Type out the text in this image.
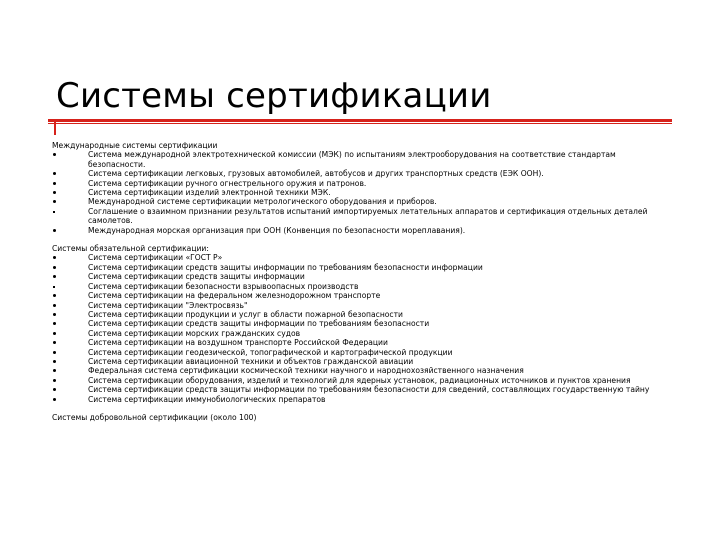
Системы сертификации

Международные системы сертификации

Система международной электротехнической комиссии (МЭК) по испытаниям электрооборудования на соответствие стандартам безопасности.
Система сертификации легковых, грузовых автомобилей, автобусов и других транспортных средств (ЕЭК ООН).
Система сертификации ручного огнестрельного оружия и патронов.
Система сертификации изделий электронной техники МЭК.
Международной системе сертификации метрологического оборудования и приборов.
Соглашение о взаимном признании результатов испытаний импортируемых летательных аппаратов и сертификация отдельных деталей самолетов.
Международная морская организация при ООН (Конвенция по безопасности мореплавания).

Системы обязательной сертификации:

Система сертификации «ГОСТ Р»
Система сертификации средств защиты информации по требованиям безопасности информации
Система сертификации средств защиты информации
Система сертификации безопасности взрывоопасных производств
Система сертификации на федеральном железнодорожном транспорте
Система сертификации "Электросвязь"
Система сертификации продукции и услуг в области пожарной безопасности
Система сертификации средств защиты информации по требованиям безопасности
Система сертификации морских гражданских судов
Система сертификации на воздушном транспорте Российской Федерации
Система сертификации геодезической, топографической и картографической продукции
Система сертификации авиационной техники и объектов гражданской авиации
Федеральная система сертификации космической техники научного и народнохозяйственного назначения
Система сертификации оборудования, изделий и технологий для ядерных установок, радиационных источников и пунктов хранения
Система сертификации средств защиты информации по требованиям безопасности для сведений, составляющих государственную тайну
Система сертификации иммунобиологических препаратов

Системы добровольной сертификации (около 100)
